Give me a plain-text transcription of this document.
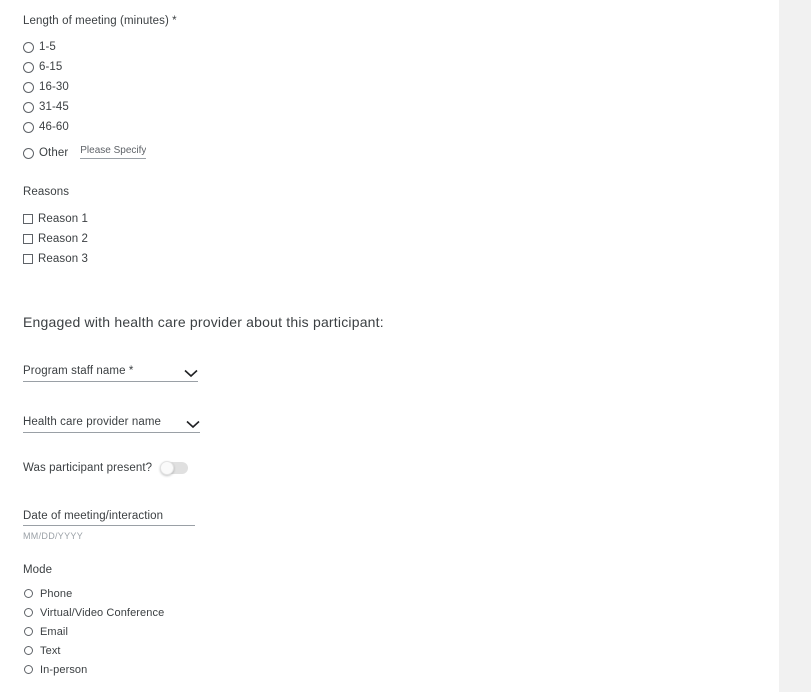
Length of meeting (minutes) *
1-5
6-15
16-30
31-45
46-60
Other
Please Specify
Reasons
Reason 1
Reason 2
Reason 3
Engaged with health care provider about this participant:
Program staff name *
Health care provider name
Was participant present?
Date of meeting/interaction
MM/DD/YYYY
Mode
Phone
Virtual/Video Conference
Email
Text
In-person
